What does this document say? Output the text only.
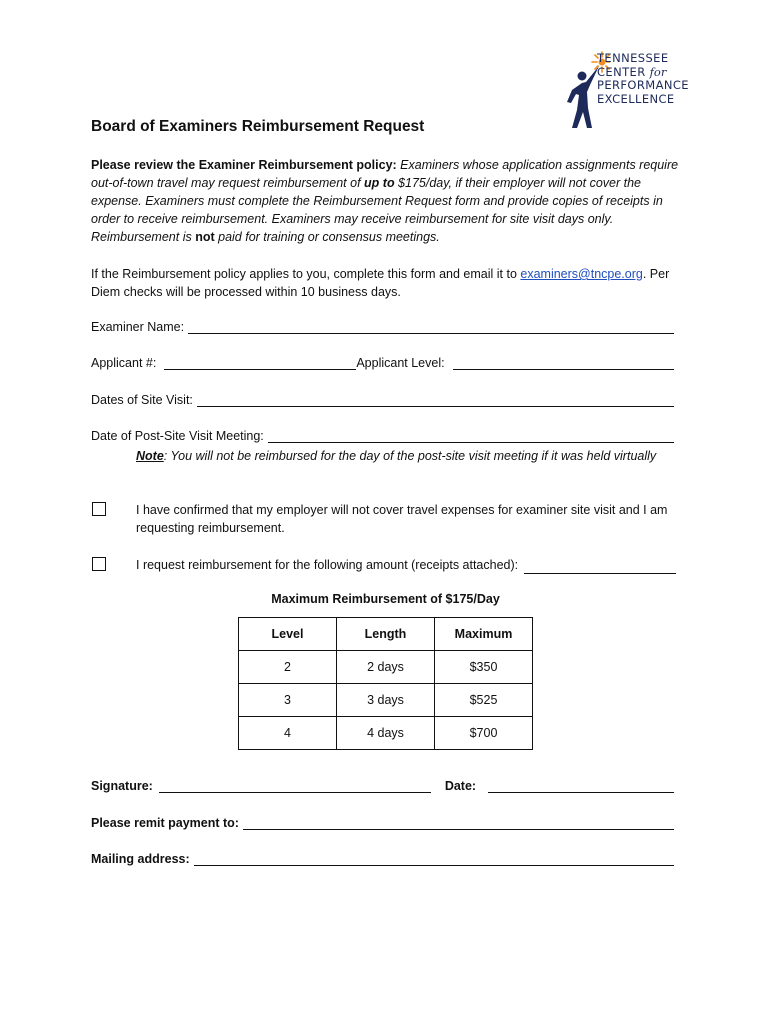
TENNESSEE
CENTER for
PERFORMANCE
EXCELLENCE
Board of Examiners Reimbursement Request
Please review the Examiner Reimbursement policy: Examiners whose application assignments require out-of-town travel may request reimbursement of up to $175/day, if their employer will not cover the expense. Examiners must complete the Reimbursement Request form and provide copies of receipts in order to receive reimbursement. Examiners may receive reimbursement for site visit days only. Reimbursement is not paid for training or consensus meetings.
If the Reimbursement policy applies to you, complete this form and email it to examiners@tncpe.org. Per Diem checks will be processed within 10 business days.
Examiner Name:
Applicant #:	Applicant Level:
Dates of Site Visit:
Date of Post-Site Visit Meeting:
Note: You will not be reimbursed for the day of the post-site visit meeting if it was held virtually
I have confirmed that my employer will not cover travel expenses for examiner site visit and I am requesting reimbursement.
I request reimbursement for the following amount (receipts attached):
Maximum Reimbursement of $175/Day
Level	Length	Maximum
2	2 days	$350
3	3 days	$525
4	4 days	$700
Signature:	Date:
Please remit payment to:
Mailing address:
